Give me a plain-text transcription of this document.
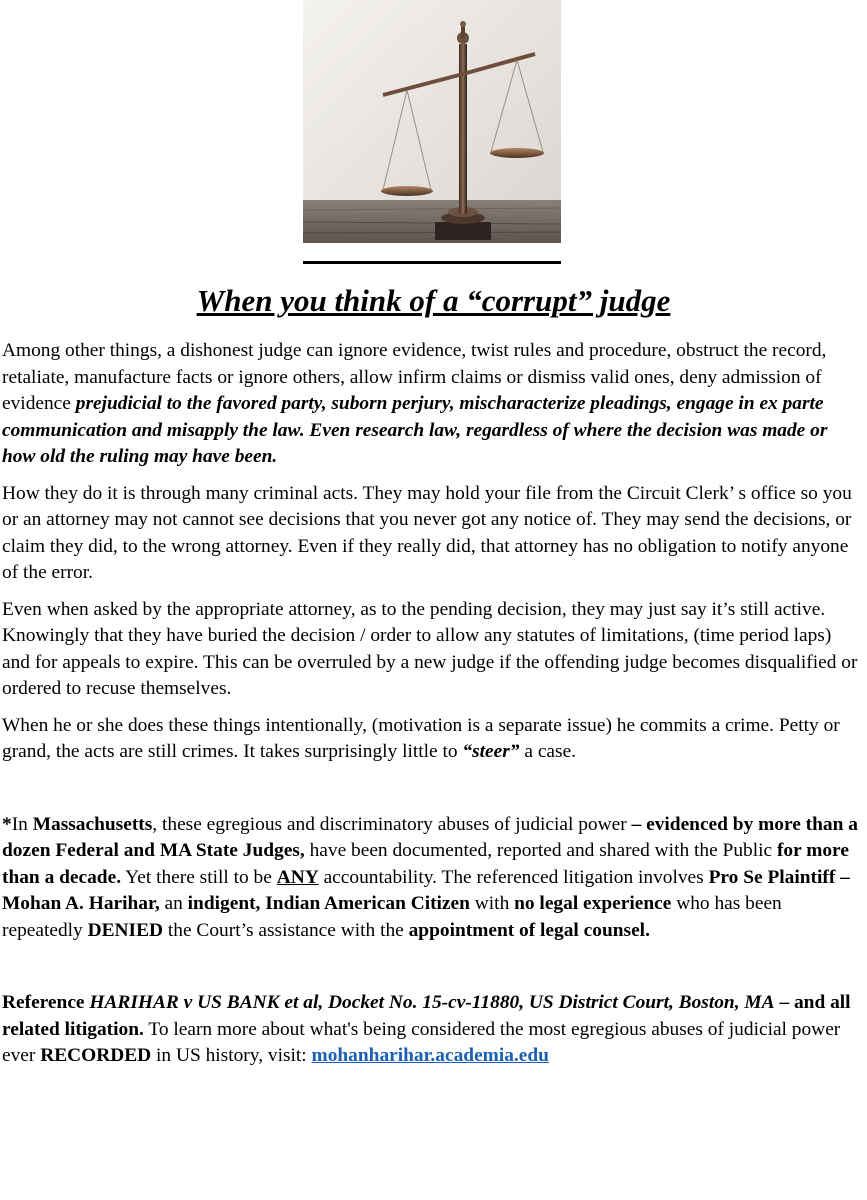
When you think of a “corrupt” judge

Among other things, a dishonest judge can ignore evidence, twist rules and procedure, obstruct the record, retaliate, manufacture facts or ignore others, allow infirm claims or dismiss valid ones, deny admission of evidence prejudicial to the favored party, suborn perjury, mischaracterize pleadings, engage in ex parte communication and misapply the law. Even research law, regardless of where the decision was made or how old the ruling may have been.

How they do it is through many criminal acts. They may hold your file from the Circuit Clerk’ s office so you or an attorney may not cannot see decisions that you never got any notice of. They may send the decisions, or claim they did, to the wrong attorney. Even if they really did, that attorney has no obligation to notify anyone of the error.

Even when asked by the appropriate attorney, as to the pending decision, they may just say it’s still active. Knowingly that they have buried the decision / order to allow any statutes of limitations, (time period laps) and for appeals to expire. This can be overruled by a new judge if the offending judge becomes disqualified or ordered to recuse themselves.

When he or she does these things intentionally, (motivation is a separate issue) he commits a crime. Petty or grand, the acts are still crimes. It takes surprisingly little to “steer” a case.

*In Massachusetts, these egregious and discriminatory abuses of judicial power – evidenced by more than a dozen Federal and MA State Judges, have been documented, reported and shared with the Public for more than a decade. Yet there still to be ANY accountability. The referenced litigation involves Pro Se Plaintiff – Mohan A. Harihar, an indigent, Indian American Citizen with no legal experience who has been repeatedly DENIED the Court’s assistance with the appointment of legal counsel.

Reference HARIHAR v US BANK et al, Docket No. 15-cv-11880, US District Court, Boston, MA – and all related litigation. To learn more about what's being considered the most egregious abuses of judicial power ever RECORDED in US history, visit: mohanharihar.academia.edu
